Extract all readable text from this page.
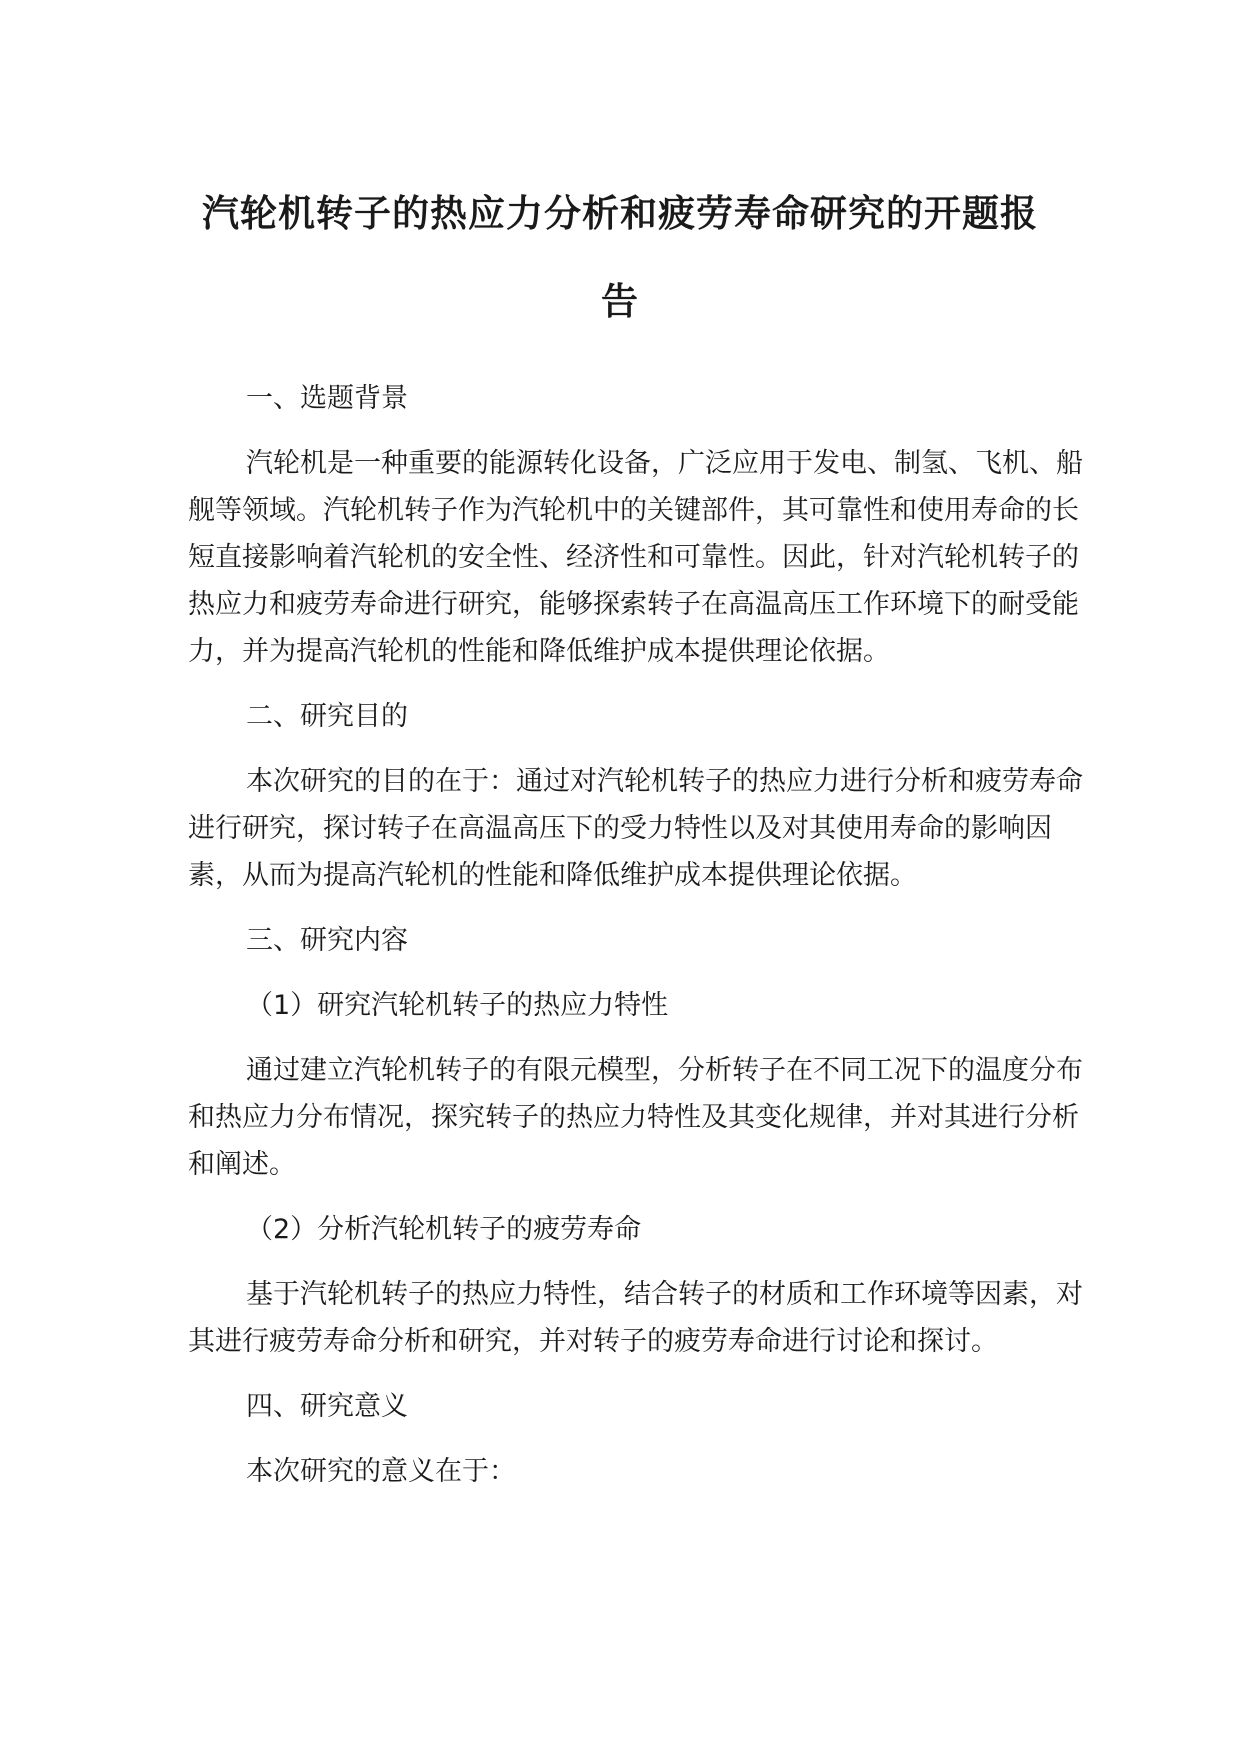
汽轮机转子的热应力分析和疲劳寿命研究的开题报告
一、选题背景
汽轮机是一种重要的能源转化设备，广泛应用于发电、制氢、飞机、船舰等领域。汽轮机转子作为汽轮机中的关键部件，其可靠性和使用寿命的长短直接影响着汽轮机的安全性、经济性和可靠性。因此，针对汽轮机转子的热应力和疲劳寿命进行研究，能够探索转子在高温高压工作环境下的耐受能力，并为提高汽轮机的性能和降低维护成本提供理论依据。
二、研究目的
本次研究的目的在于：通过对汽轮机转子的热应力进行分析和疲劳寿命进行研究，探讨转子在高温高压下的受力特性以及对其使用寿命的影响因素，从而为提高汽轮机的性能和降低维护成本提供理论依据。
三、研究内容
（1）研究汽轮机转子的热应力特性
通过建立汽轮机转子的有限元模型，分析转子在不同工况下的温度分布和热应力分布情况，探究转子的热应力特性及其变化规律，并对其进行分析和阐述。
（2）分析汽轮机转子的疲劳寿命
基于汽轮机转子的热应力特性，结合转子的材质和工作环境等因素，对其进行疲劳寿命分析和研究，并对转子的疲劳寿命进行讨论和探讨。
四、研究意义
本次研究的意义在于：
